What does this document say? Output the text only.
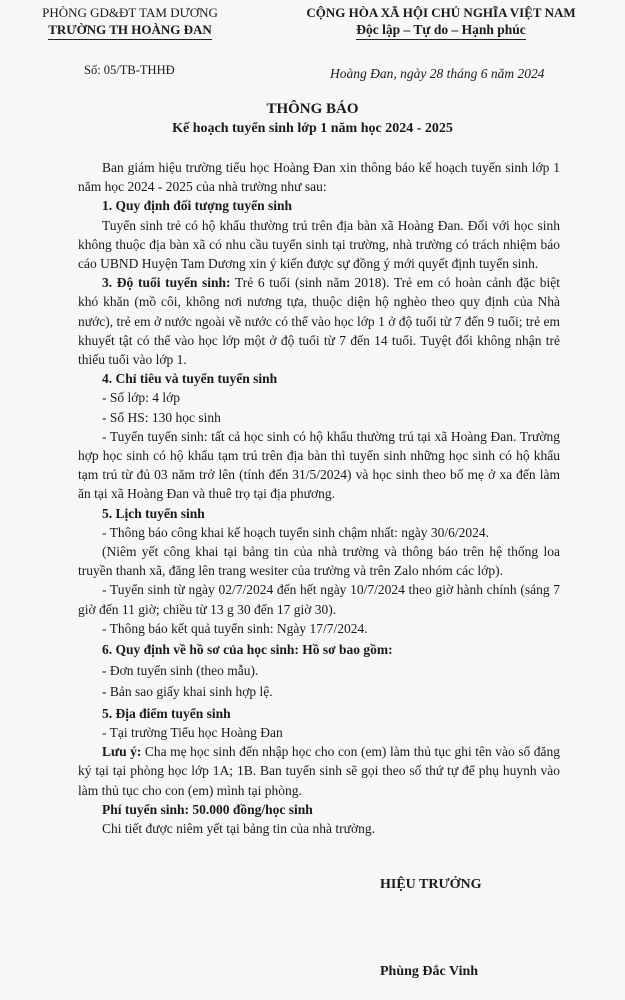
PHÒNG GD&ĐT TAM DƯƠNG
TRƯỜNG TH HOÀNG ĐAN
CỘNG HÒA XÃ HỘI CHỦ NGHĨA VIỆT NAM
Độc lập – Tự do – Hạnh phúc
Số: 05/TB-THHĐ	Hoàng Đan, ngày 28 tháng 6 năm 2024
THÔNG BÁO
Kế hoạch tuyển sinh lớp 1 năm học 2024 - 2025

Ban giám hiệu trường tiểu học Hoàng Đan xin thông báo kế hoạch tuyển sinh lớp 1 năm học 2024 - 2025 của nhà trường như sau:

1. Quy định đối tượng tuyển sinh

Tuyển sinh trẻ có hộ khẩu thường trú trên địa bàn xã Hoàng Đan. Đối với học sinh không thuộc địa bàn xã có nhu cầu tuyển sinh tại trường, nhà trường có trách nhiệm báo cáo UBND Huyện Tam Dương xin ý kiến được sự đồng ý mới quyết định tuyển sinh.

3. Độ tuổi tuyển sinh: Trẻ 6 tuổi (sinh năm 2018). Trẻ em có hoàn cảnh đặc biệt khó khăn (mồ côi, không nơi nương tựa, thuộc diện hộ nghèo theo quy định của Nhà nước), trẻ em ở nước ngoài về nước có thể vào học lớp 1 ở độ tuổi từ 7 đến 9 tuổi; trẻ em khuyết tật có thể vào học lớp một ở độ tuổi từ 7 đến 14 tuổi. Tuyệt đối không nhận trẻ thiếu tuổi vào lớp 1.

4. Chỉ tiêu và tuyển tuyển sinh

- Số lớp: 4 lớp

- Số HS: 130 học sinh

- Tuyển tuyển sinh: tất cả học sinh có hộ khẩu thường trú tại xã Hoàng Đan. Trường hợp học sinh có hộ khẩu tạm trú trên địa bàn thì tuyển sinh những học sinh có hộ khẩu tạm trú từ đủ 03 năm trở lên (tính đến 31/5/2024) và học sinh theo bố mẹ ở xa đến làm ăn tại xã Hoàng Đan và thuê trọ tại địa phương.

5. Lịch tuyển sinh

- Thông báo công khai kế hoạch tuyển sinh chậm nhất: ngày 30/6/2024.

(Niêm yết công khai tại bảng tin của nhà trường và thông báo trên hệ thống loa truyền thanh xã, đăng lên trang wesiter của trường và trên Zalo nhóm các lớp).

- Tuyển sinh từ ngày 02/7/2024 đến hết ngày 10/7/2024 theo giờ hành chính (sáng 7 giờ đến 11 giờ; chiều từ 13 g 30 đến 17 giờ 30).

- Thông báo kết quả tuyển sinh: Ngày 17/7/2024.

6. Quy định về hồ sơ của học sinh: Hồ sơ bao gồm:

- Đơn tuyển sinh (theo mẫu).

- Bản sao giấy khai sinh hợp lệ.

5. Địa điểm tuyển sinh

- Tại trường Tiểu học Hoàng Đan

Lưu ý: Cha mẹ học sinh đến nhập học cho con (em) làm thủ tục ghi tên vào sổ đăng ký tại tại phòng học lớp 1A; 1B. Ban tuyển sinh sẽ gọi theo số thứ tự để phụ huynh vào làm thủ tục cho con (em) mình tại phòng.

Phí tuyển sinh: 50.000 đồng/học sinh

Chi tiết được niêm yết tại bảng tin của nhà trường.

HIỆU TRƯỞNG
Phùng Đắc Vinh
